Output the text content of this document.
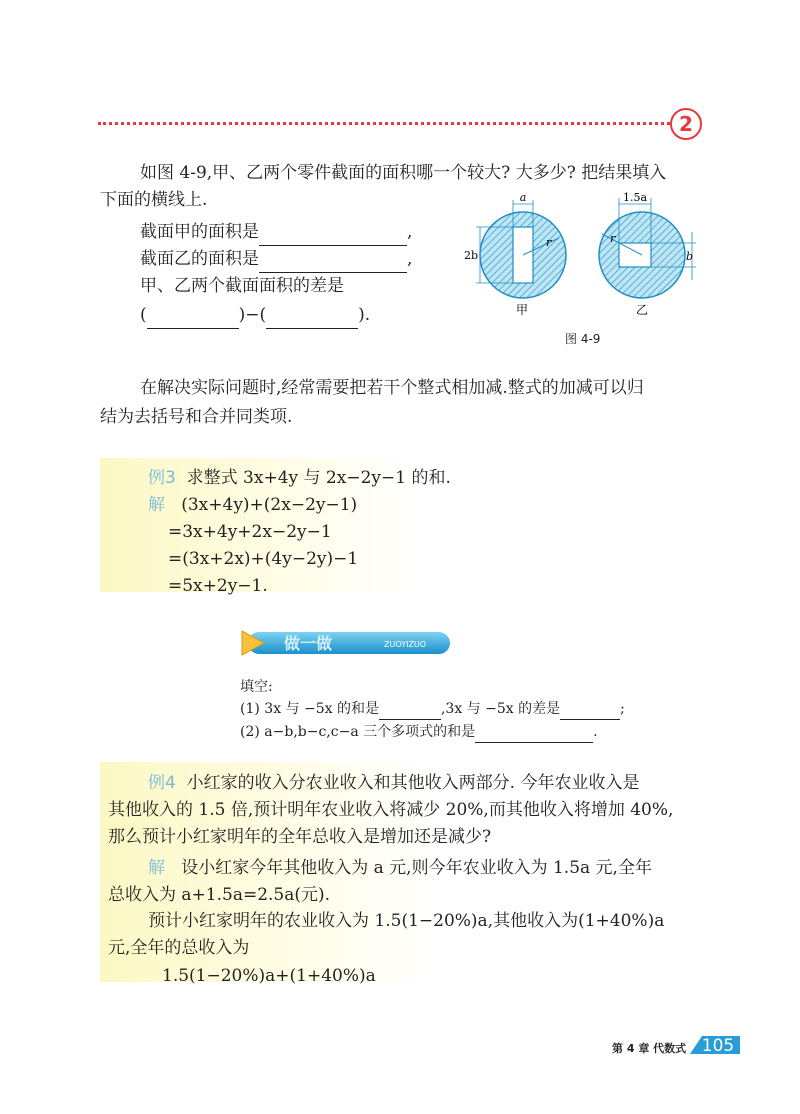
2
如图 4-9,甲、乙两个零件截面的面积哪一个较大? 大多少? 把结果填入
下面的横线上.
截面甲的面积是	,
截面乙的面积是	,
甲、乙两个截面面积的差是
(	)−(	).
a
2b
r
甲
1.5a
r
b
乙
图 4-9
在解决实际问题时,经常需要把若干个整式相加减.整式的加减可以归
结为去括号和合并同类项.
例3 求整式 3x+4y 与 2x−2y−1 的和.
解 (3x+4y)+(2x−2y−1)
=3x+4y+2x−2y−1
=(3x+2x)+(4y−2y)−1
=5x+2y−1.
做一做	ZUOYIZUO
填空:
(1) 3x 与 −5x 的和是	,3x 与 −5x 的差是	;
(2) a−b,b−c,c−a 三个多项式的和是	.
例4 小红家的收入分农业收入和其他收入两部分. 今年农业收入是
其他收入的 1.5 倍,预计明年农业收入将减少 20%,而其他收入将增加 40%,
那么预计小红家明年的全年总收入是增加还是减少?
解 设小红家今年其他收入为 a 元,则今年农业收入为 1.5a 元,全年
总收入为 a+1.5a=2.5a(元).
预计小红家明年的农业收入为 1.5(1−20%)a,其他收入为(1+40%)a
元,全年的总收入为
1.5(1−20%)a+(1+40%)a
第 4 章 代数式 105
